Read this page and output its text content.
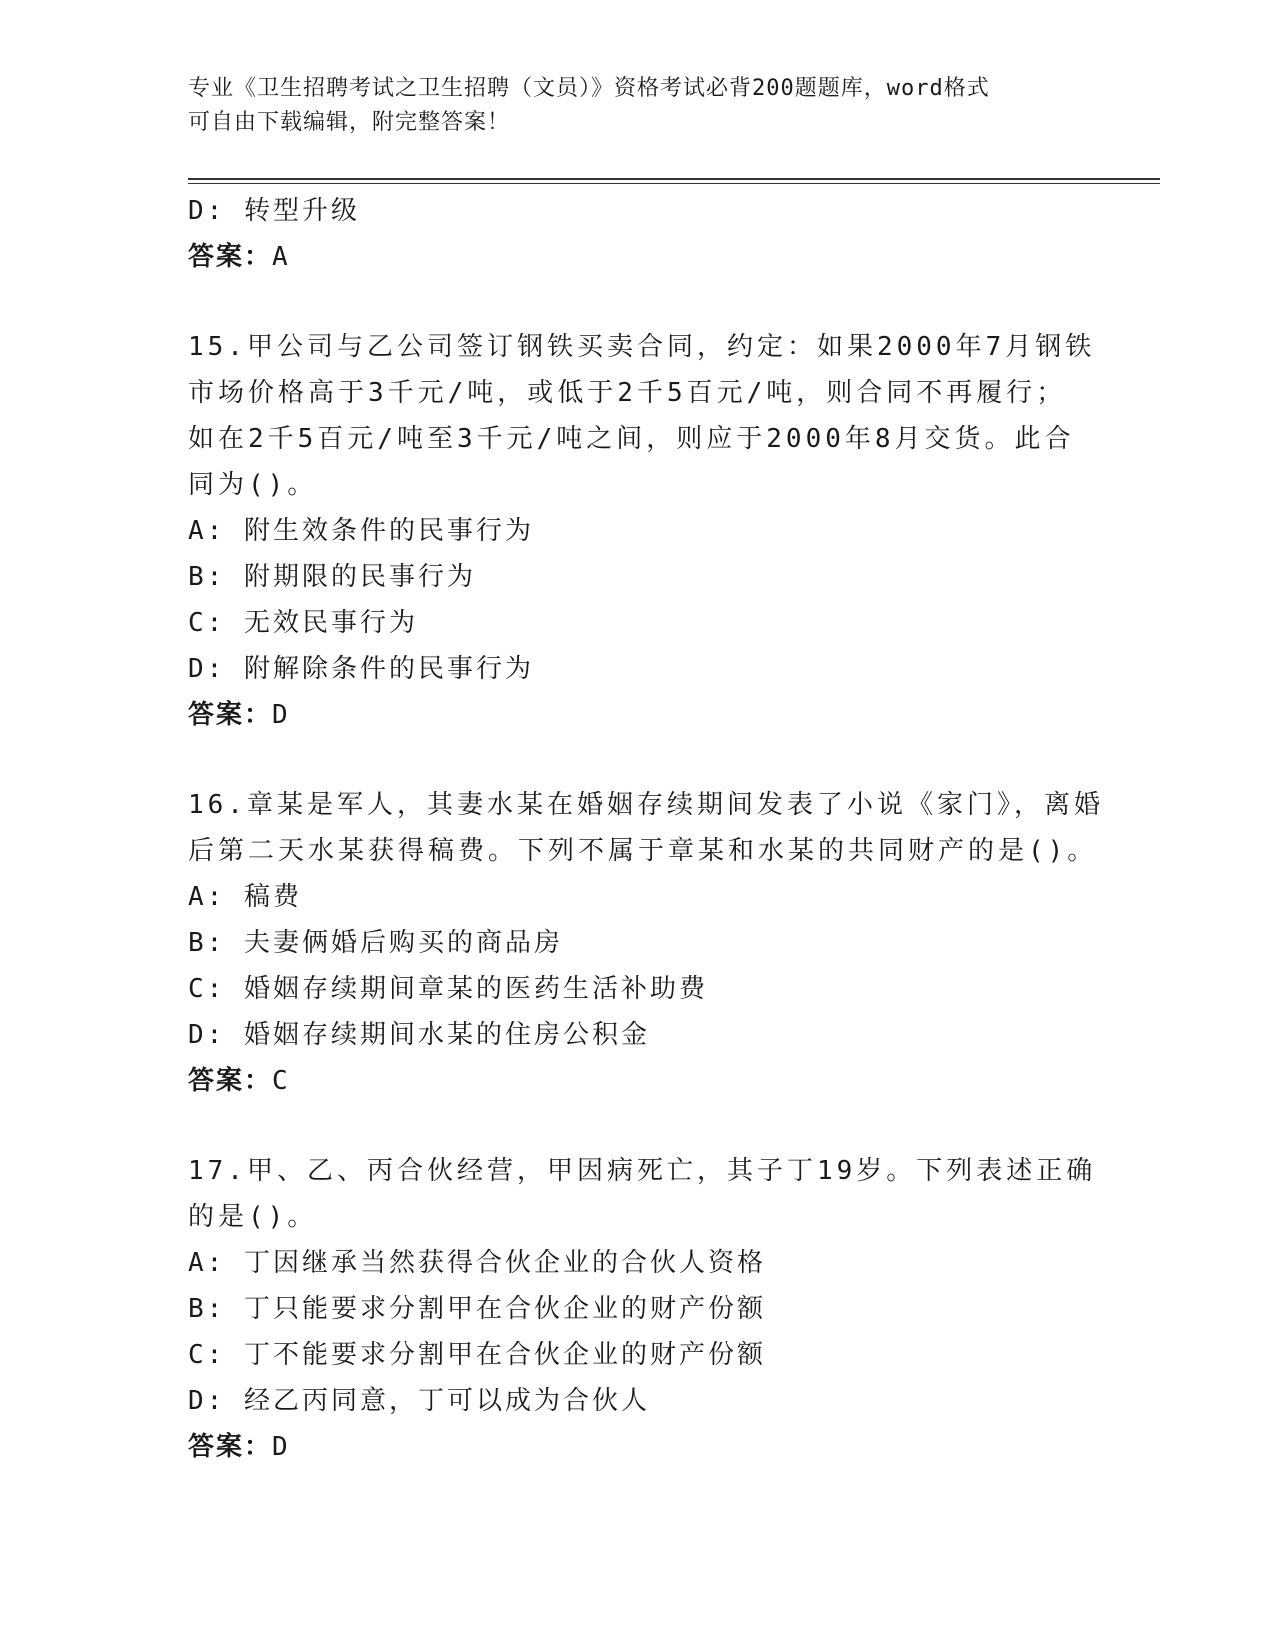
专业《卫生招聘考试之卫生招聘（文员）》资格考试必背200题题库，word格式
可自由下载编辑，附完整答案！
D: 转型升级
答案：A
15.甲公司与乙公司签订钢铁买卖合同，约定：如果2000年7月钢铁
市场价格高于3千元/吨，或低于2千5百元/吨，则合同不再履行；
如在2千5百元/吨至3千元/吨之间，则应于2000年8月交货。此合
同为()。
A: 附生效条件的民事行为
B: 附期限的民事行为
C: 无效民事行为
D: 附解除条件的民事行为
答案：D
16.章某是军人，其妻水某在婚姻存续期间发表了小说《家门》，离婚
后第二天水某获得稿费。下列不属于章某和水某的共同财产的是()。
A: 稿费
B: 夫妻俩婚后购买的商品房
C: 婚姻存续期间章某的医药生活补助费
D: 婚姻存续期间水某的住房公积金
答案：C
17.甲、乙、丙合伙经营，甲因病死亡，其子丁19岁。下列表述正确
的是()。
A: 丁因继承当然获得合伙企业的合伙人资格
B: 丁只能要求分割甲在合伙企业的财产份额
C: 丁不能要求分割甲在合伙企业的财产份额
D: 经乙丙同意，丁可以成为合伙人
答案：D
